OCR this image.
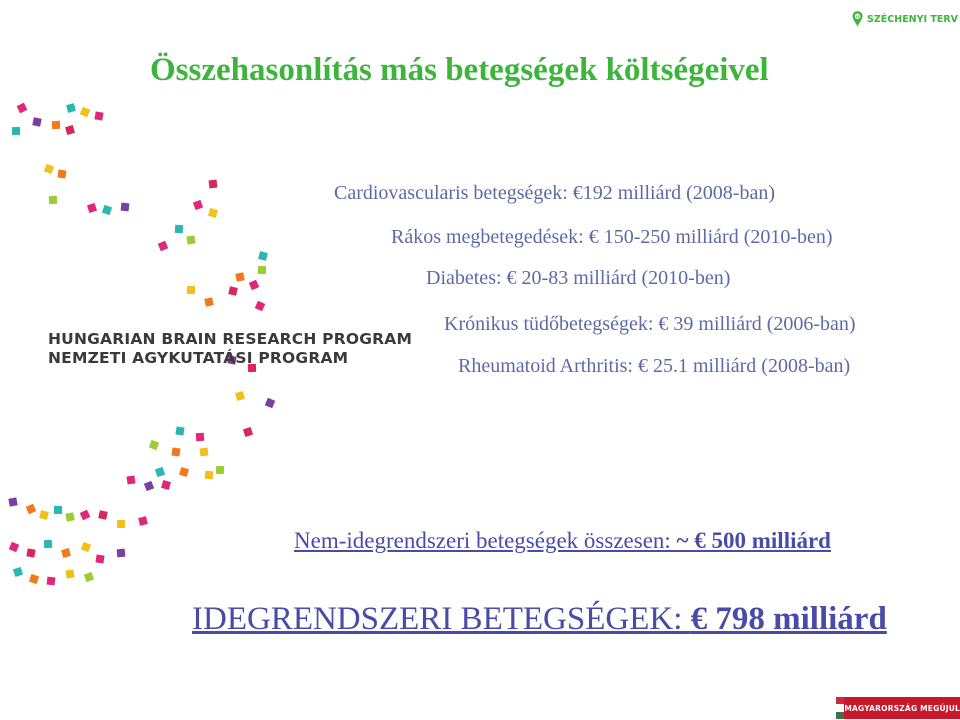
Ü SZÉCHENYI TERV
Összehasonlítás más betegségek költségeivel
Cardiovascularis betegségek: €192 milliárd (2008-ban)
Rákos megbetegedések: € 150-250 milliárd (2010-ben)
Diabetes: € 20-83 milliárd (2010-ben)
Krónikus tüdőbetegségek: € 39 milliárd (2006-ban)
Rheumatoid Arthritis: € 25.1 milliárd (2008-ban)
HUNGARIAN BRAIN RESEARCH PROGRAM
NEMZETI AGYKUTATÁSI PROGRAM
Nem-idegrendszeri betegségek összesen: ~ € 500 milliárd
IDEGRENDSZERI BETEGSÉGEK: € 798 milliárd
MAGYARORSZÁG MEGÚJUL
